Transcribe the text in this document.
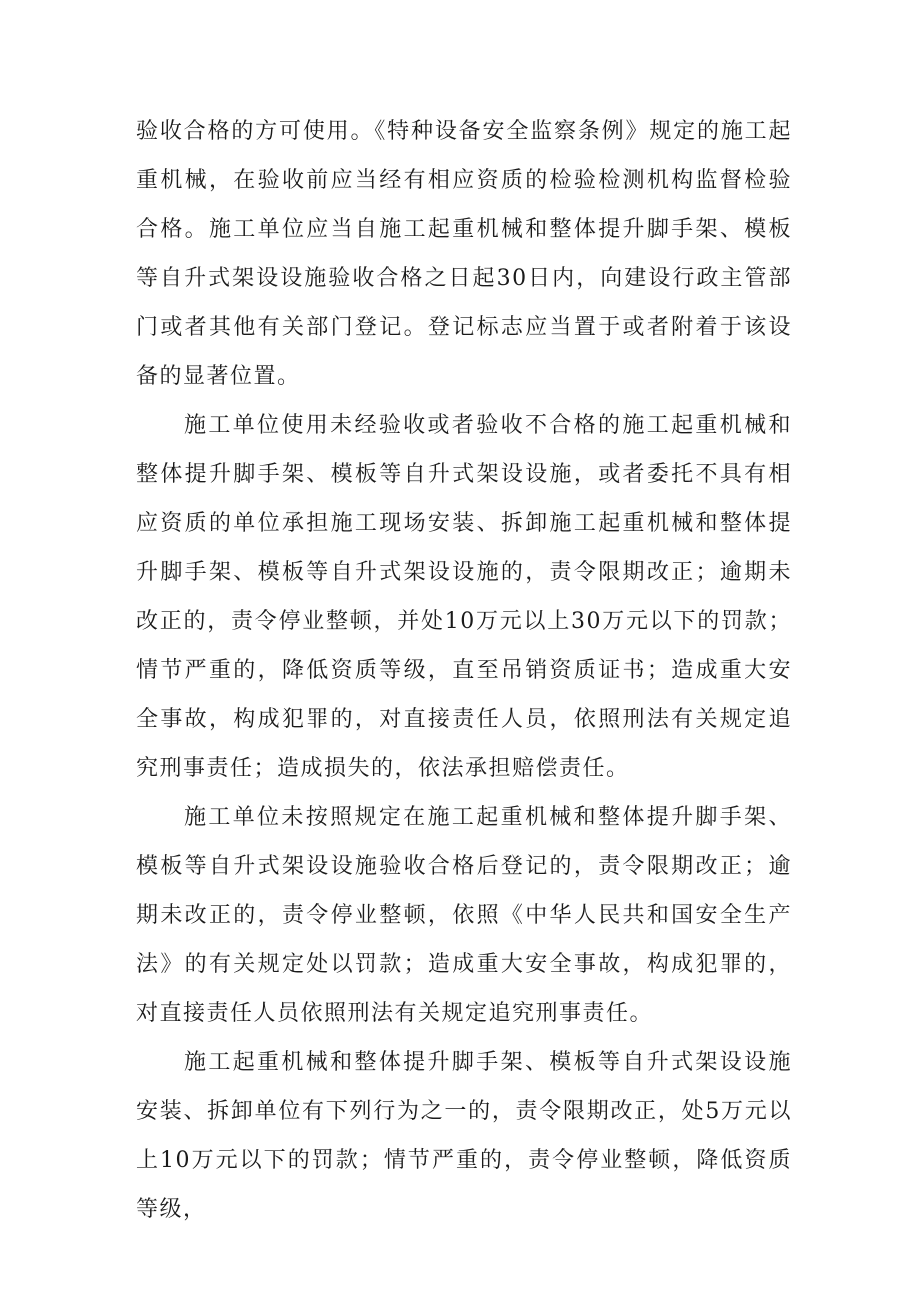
验收合格的方可使用。《特种设备安全监察条例》规定的施工起重机械，在验收前应当经有相应资质的检验检测机构监督检验合格。施工单位应当自施工起重机械和整体提升脚手架、模板等自升式架设设施验收合格之日起30日内，向建设行政主管部门或者其他有关部门登记。登记标志应当置于或者附着于该设备的显著位置。

施工单位使用未经验收或者验收不合格的施工起重机械和整体提升脚手架、模板等自升式架设设施，或者委托不具有相应资质的单位承担施工现场安装、拆卸施工起重机械和整体提升脚手架、模板等自升式架设设施的，责令限期改正；逾期未改正的，责令停业整顿，并处10万元以上30万元以下的罚款；情节严重的，降低资质等级，直至吊销资质证书；造成重大安全事故，构成犯罪的，对直接责任人员，依照刑法有关规定追究刑事责任；造成损失的，依法承担赔偿责任。

施工单位未按照规定在施工起重机械和整体提升脚手架、模板等自升式架设设施验收合格后登记的，责令限期改正；逾期未改正的，责令停业整顿，依照《中华人民共和国安全生产法》的有关规定处以罚款；造成重大安全事故，构成犯罪的，对直接责任人员依照刑法有关规定追究刑事责任。

施工起重机械和整体提升脚手架、模板等自升式架设设施安装、拆卸单位有下列行为之一的，责令限期改正，处5万元以上10万元以下的罚款；情节严重的，责令停业整顿，降低资质等级，
